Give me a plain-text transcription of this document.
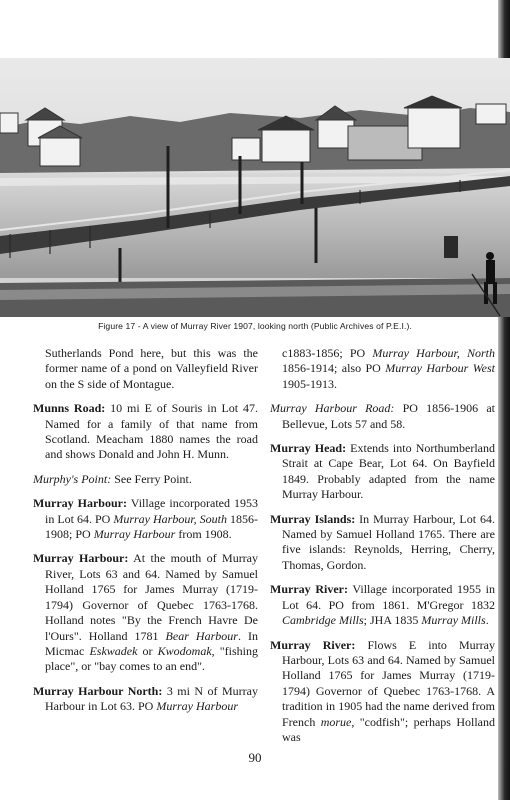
Figure 17 - A view of Murray River 1907, looking north (Public Archives of P.E.I.).

Sutherlands Pond here, but this was the former name of a pond on Valleyfield River on the S side of Montague.

Munns Road: 10 mi E of Souris in Lot 47. Named for a family of that name from Scotland. Meacham 1880 names the road and shows Donald and John H. Munn.

Murphy's Point: See Ferry Point.

Murray Harbour: Village incorporated 1953 in Lot 64. PO Murray Harbour, South 1856-1908; PO Murray Harbour from 1908.

Murray Harbour: At the mouth of Murray River, Lots 63 and 64. Named by Samuel Holland 1765 for James Murray (1719-1794) Governor of Quebec 1763-1768. Holland notes "By the French Havre De l'Ours". Holland 1781 Bear Harbour. In Micmac Eskwadek or Kwodomak, "fishing place", or "bay comes to an end".

Murray Harbour North: 3 mi N of Murray Harbour in Lot 63. PO Murray Harbour

c1883-1856; PO Murray Harbour, North 1856-1914; also PO Murray Harbour West 1905-1913.

Murray Harbour Road: PO 1856-1906 at Bellevue, Lots 57 and 58.

Murray Head: Extends into Northumberland Strait at Cape Bear, Lot 64. On Bayfield 1849. Probably adapted from the name Murray Harbour.

Murray Islands: In Murray Harbour, Lot 64. Named by Samuel Holland 1765. There are five islands: Reynolds, Herring, Cherry, Thomas, Gordon.

Murray River: Village incorporated 1955 in Lot 64. PO from 1861. M'Gregor 1832 Cambridge Mills; JHA 1835 Murray Mills.

Murray River: Flows E into Murray Harbour, Lots 63 and 64. Named by Samuel Holland 1765 for James Murray (1719-1794) Governor of Quebec 1763-1768. A tradition in 1905 had the name derived from French morue, "codfish"; perhaps Holland was

90
